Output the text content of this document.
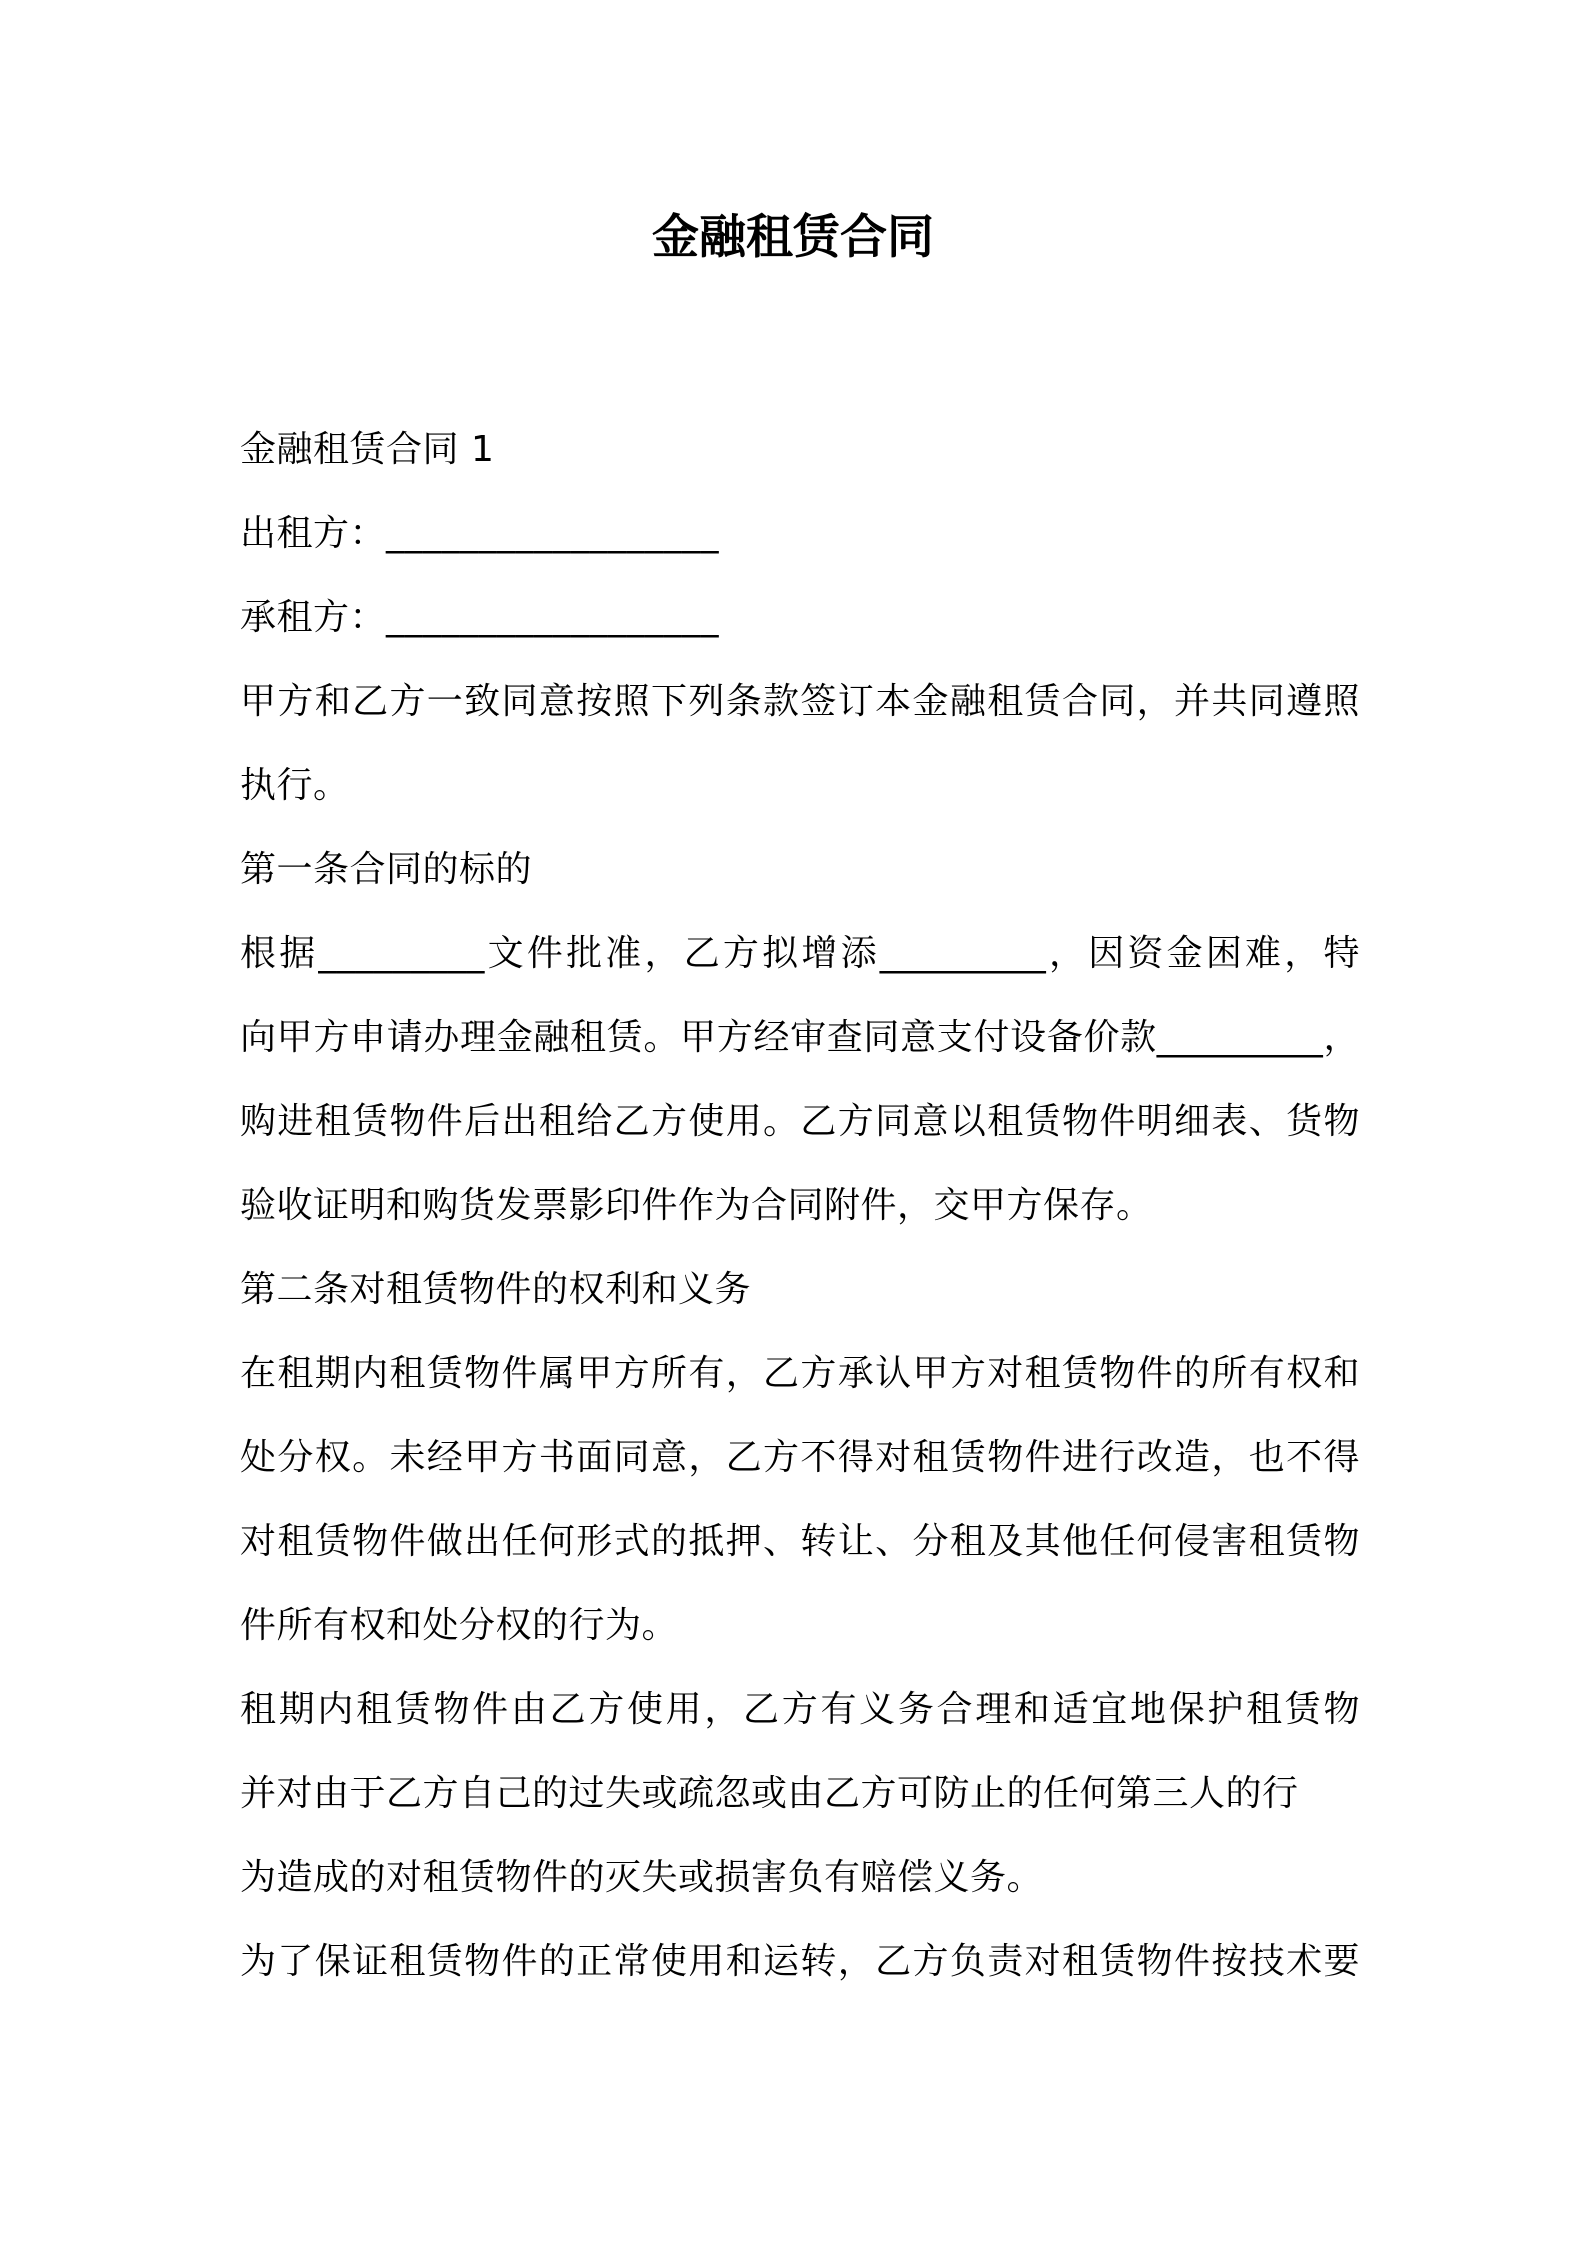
金融租赁合同
金融租赁合同 1
出租方：__________________
承租方：__________________
甲方和乙方一致同意按照下列条款签订本金融租赁合同，并共同遵照
执行。
第一条合同的标的
根据_________文件批准，乙方拟增添_________，因资金困难，特
向甲方申请办理金融租赁。甲方经审查同意支付设备价款_________，
购进租赁物件后出租给乙方使用。乙方同意以租赁物件明细表、货物
验收证明和购货发票影印件作为合同附件，交甲方保存。
第二条对租赁物件的权利和义务
在租期内租赁物件属甲方所有，乙方承认甲方对租赁物件的所有权和
处分权。未经甲方书面同意，乙方不得对租赁物件进行改造，也不得
对租赁物件做出任何形式的抵押、转让、分租及其他任何侵害租赁物
件所有权和处分权的行为。
租期内租赁物件由乙方使用，乙方有义务合理和适宜地保护租赁物
并对由于乙方自己的过失或疏忽或由乙方可防止的任何第三人的行
为造成的对租赁物件的灭失或损害负有赔偿义务。
为了保证租赁物件的正常使用和运转，乙方负责对租赁物件按技术要
